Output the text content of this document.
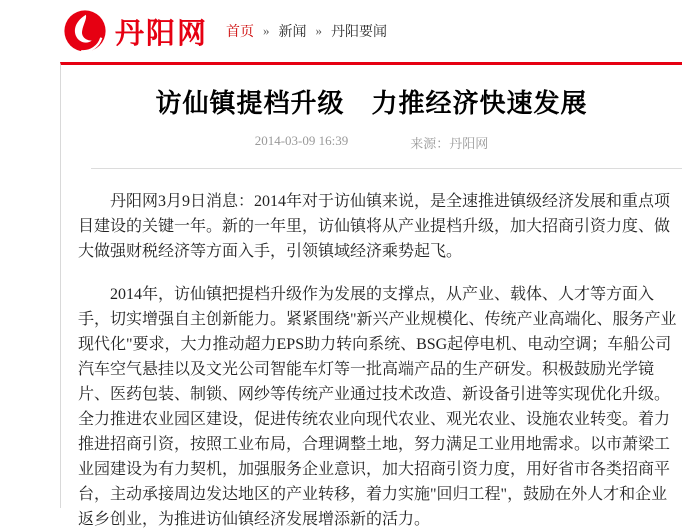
丹阳网 首页 » 新闻 » 丹阳要闻
访仙镇提档升级　力推经济快速发展
2014-03-09 16:39	来源：丹阳网

丹阳网3月9日消息：2014年对于访仙镇来说，是全速推进镇级经济发展和重点项目建设的关键一年。新的一年里，访仙镇将从产业提档升级，加大招商引资力度、做大做强财税经济等方面入手，引领镇域经济乘势起飞。

2014年，访仙镇把提档升级作为发展的支撑点，从产业、载体、人才等方面入手，切实增强自主创新能力。紧紧围绕"新兴产业规模化、传统产业高端化、服务产业现代化"要求，大力推动超力EPS助力转向系统、BSG起停电机、电动空调；车船公司汽车空气悬挂以及文光公司智能车灯等一批高端产品的生产研发。积极鼓励光学镜片、医药包装、制锁、网纱等传统产业通过技术改造、新设备引进等实现优化升级。全力推进农业园区建设，促进传统农业向现代农业、观光农业、设施农业转变。着力推进招商引资，按照工业布局，合理调整土地，努力满足工业用地需求。以市萧梁工业园建设为有力契机，加强服务企业意识，加大招商引资力度，用好省市各类招商平台，主动承接周边发达地区的产业转移，着力实施"回归工程"，鼓励在外人才和企业返乡创业，为推进访仙镇经济发展增添新的活力。
